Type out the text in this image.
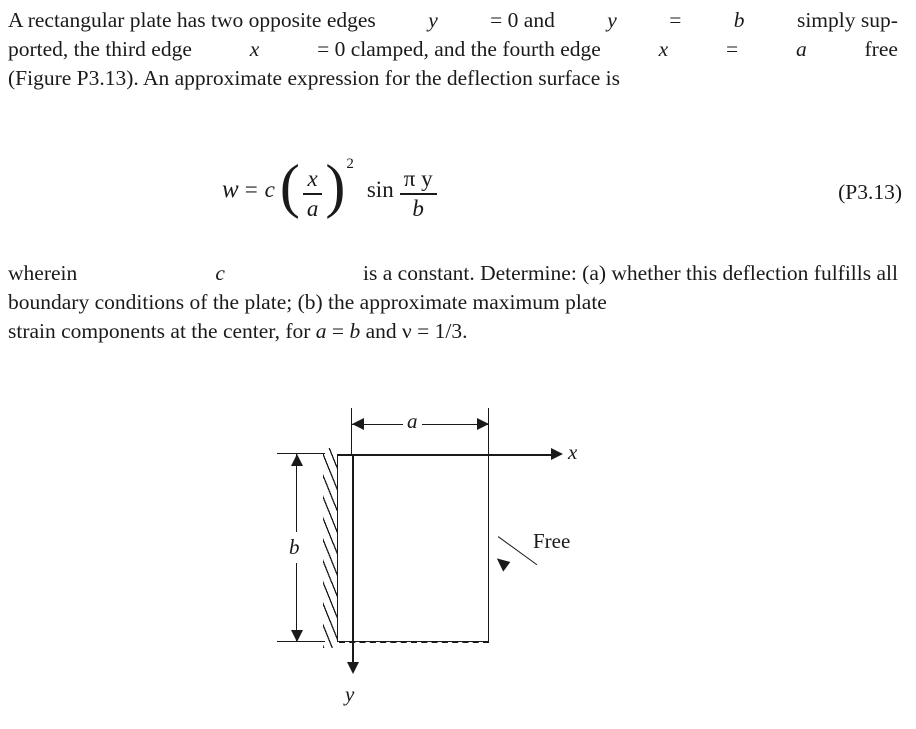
A rectangular plate has two opposite edges y = 0 and y = b simply sup-
ported, the third edge x = 0 clamped, and the fourth edge x = a free
(Figure P3.13). An approximate expression for the deflection surface is
w = c ( $\frac{x}{a}$ ) 2
$\sin \frac{\text{π y}}{b}$	(P3.13)
wherein	c	is a constant. Determine: (a) whether this deflection fulfills all
boundary conditions of the plate; (b) the approximate maximum plate
strain components at the center, for a = b and ν = 1/3.
x
y
a
b	Free
